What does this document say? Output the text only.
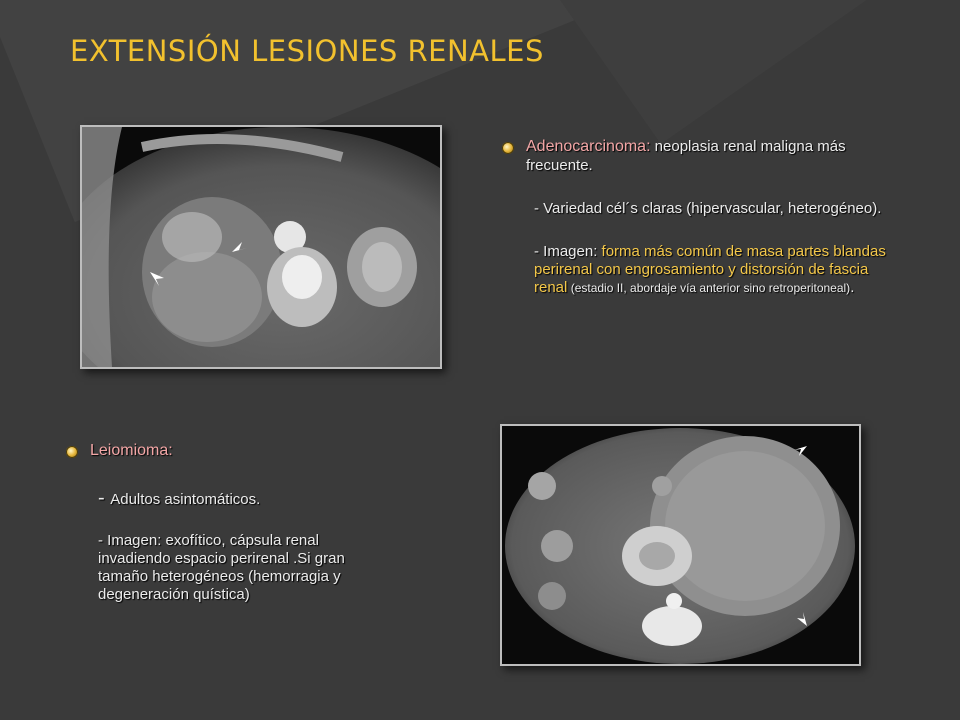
EXTENSIÓN LESIONES RENALES
Adenocarcinoma: neoplasia renal maligna más frecuente.
- Variedad cél´s claras (hipervascular, heterogéneo).
- Imagen: forma más común de masa partes blandas perirenal con engrosamiento y distorsión de fascia renal (estadio II, abordaje vía anterior sino retroperitoneal).
Leiomioma:
- Adultos asintomáticos.
- Imagen: exofítico, cápsula renal invadiendo espacio perirenal .Si gran tamaño heterogéneos (hemorragia y degeneración quística)
